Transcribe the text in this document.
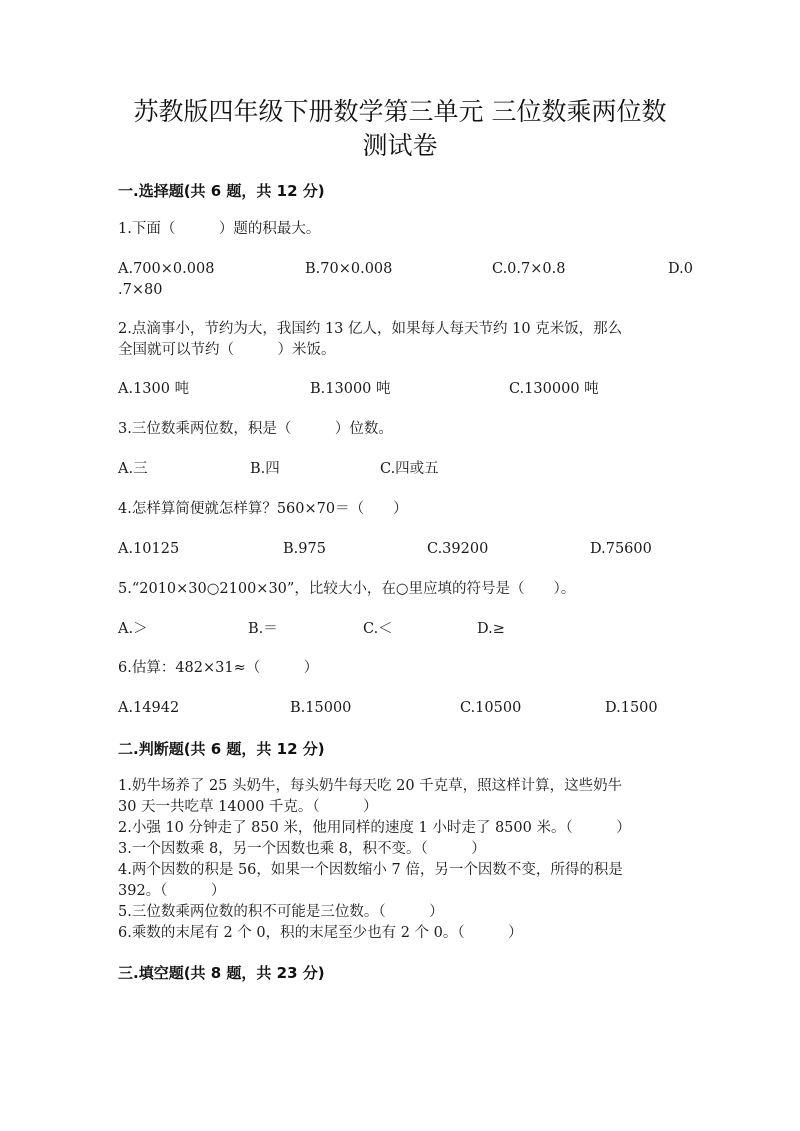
苏教版四年级下册数学第三单元 三位数乘两位数
测试卷
一.选择题(共 6 题，共 12 分)
1.下面（　　　）题的积最大。
A.700×0.008	B.70×0.008	C.0.7×0.8	D.0
.7×80
2.点滴事小，节约为大，我国约 13 亿人，如果每人每天节约 10 克米饭，那么
全国就可以节约（　　　）米饭。
A.1300 吨	B.13000 吨	C.130000 吨
3.三位数乘两位数，积是（　　　）位数。
A.三	B.四	C.四或五
4.怎样算简便就怎样算？560×70＝（　　）
A.10125	B.975	C.39200	D.75600
5.“2010×30○2100×30”，比较大小，在○里应填的符号是（　　）。
A.＞	B.＝	C.＜	D.≥
6.估算：482×31≈（　　　）
A.14942	B.15000	C.10500	D.1500
二.判断题(共 6 题，共 12 分)
1.奶牛场养了 25 头奶牛，每头奶牛每天吃 20 千克草，照这样计算，这些奶牛
30 天一共吃草 14000 千克。（　　　）
2.小强 10 分钟走了 850 米，他用同样的速度 1 小时走了 8500 米。（　　　）
3.一个因数乘 8，另一个因数也乘 8，积不变。（　　　）
4.两个因数的积是 56，如果一个因数缩小 7 倍，另一个因数不变，所得的积是
392。（　　　）
5.三位数乘两位数的积不可能是三位数。（　　　）
6.乘数的末尾有 2 个 0，积的末尾至少也有 2 个 0。（　　　）
三.填空题(共 8 题，共 23 分)
